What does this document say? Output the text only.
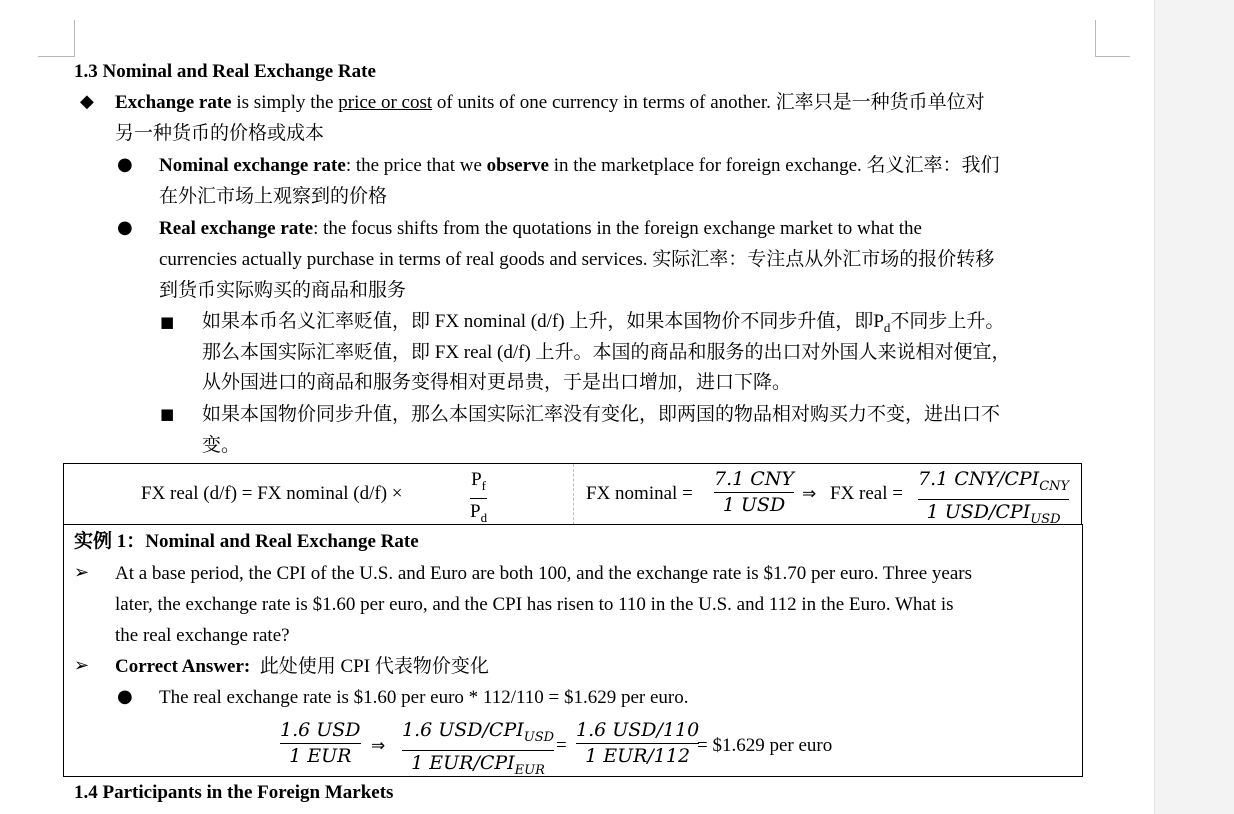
1.3 Nominal and Real Exchange Rate
◆ Exchange rate is simply the price or cost of units of one currency in terms of another. 汇率只是一种货币单位对
另一种货币的价格或成本
● Nominal exchange rate: the price that we observe in the marketplace for foreign exchange. 名义汇率：我们
在外汇市场上观察到的价格
● Real exchange rate: the focus shifts from the quotations in the foreign exchange market to what the
currencies actually purchase in terms of real goods and services. 实际汇率：专注点从外汇市场的报价转移
到货币实际购买的商品和服务
■ 如果本币名义汇率贬值，即 FX nominal (d/f) 上升，如果本国物价不同步升值，即$P_d$不同步上升。
那么本国实际汇率贬值，即 FX real (d/f) 上升。本国的商品和服务的出口对外国人来说相对便宜，
从外国进口的商品和服务变得相对更昂贵，于是出口增加，进口下降。
■ 如果本国物价同步升值，那么本国实际汇率没有变化，即两国的物品相对购买力不变，进出口不
变。
FX real (d/f) = FX nominal (d/f) ×
$P_f$
$P_d$
FX nominal =
7.1 CNY
1 USD ⇒ FX real =
7.1 CNY/$CPI_{CNY}$
1 USD/$CPI_{USD}$
实例 1：Nominal and Real Exchange Rate
➢ At a base period, the CPI of the U.S. and Euro are both 100, and the exchange rate is $1.70 per euro. Three years
later, the exchange rate is $1.60 per euro, and the CPI has risen to 110 in the U.S. and 112 in the Euro. What is
the real exchange rate?
➢ Correct Answer: 此处使用 CPI 代表物价变化
● The real exchange rate is $1.60 per euro * 112/110 = $1.629 per euro.
1.6 USD
1 EUR ⇒
1.6 USD/$CPI_{USD}$
1 EUR/$CPI_{EUR}$
=
1.6 USD/110
1 EUR/112 = $1.629 per euro
1.4 Participants in the Foreign Markets
